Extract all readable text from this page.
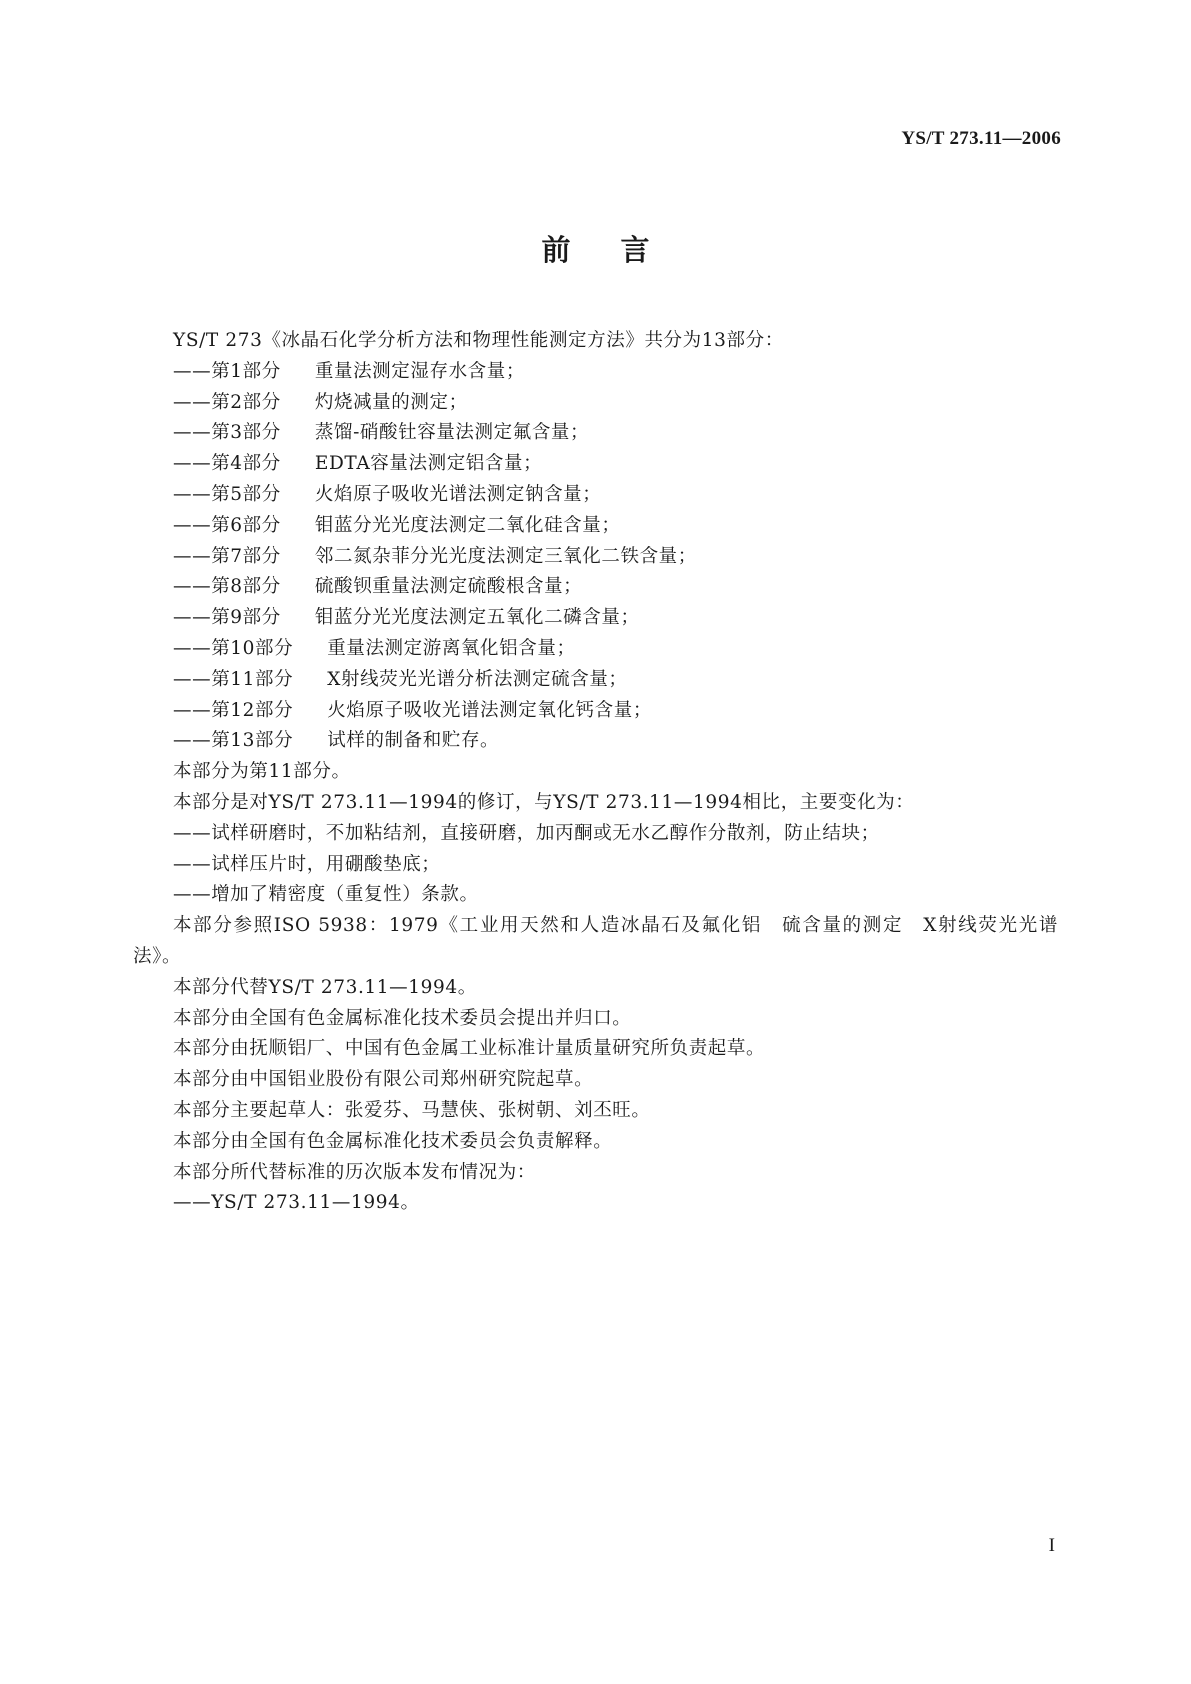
YS/T 273.11—2006
前言

YS/T 273《冰晶石化学分析方法和物理性能测定方法》共分为13部分：

——第1部分 重量法测定湿存水含量；

——第2部分 灼烧减量的测定；

——第3部分 蒸馏-硝酸钍容量法测定氟含量；

——第4部分 EDTA容量法测定铝含量；

——第5部分 火焰原子吸收光谱法测定钠含量；

——第6部分 钼蓝分光光度法测定二氧化硅含量；

——第7部分 邻二氮杂菲分光光度法测定三氧化二铁含量；

——第8部分 硫酸钡重量法测定硫酸根含量；

——第9部分 钼蓝分光光度法测定五氧化二磷含量；

——第10部分 重量法测定游离氧化铝含量；

——第11部分 X射线荧光光谱分析法测定硫含量；

——第12部分 火焰原子吸收光谱法测定氧化钙含量；

——第13部分 试样的制备和贮存。

本部分为第11部分。

本部分是对YS/T 273.11—1994的修订，与YS/T 273.11—1994相比，主要变化为：

——试样研磨时，不加粘结剂，直接研磨，加丙酮或无水乙醇作分散剂，防止结块；

——试样压片时，用硼酸垫底；

——增加了精密度（重复性）条款。

本部分参照ISO 5938：1979《工业用天然和人造冰晶石及氟化铝　硫含量的测定　X射线荧光光谱法》。

本部分代替YS/T 273.11—1994。

本部分由全国有色金属标准化技术委员会提出并归口。

本部分由抚顺铝厂、中国有色金属工业标准计量质量研究所负责起草。

本部分由中国铝业股份有限公司郑州研究院起草。

本部分主要起草人：张爱芬、马慧侠、张树朝、刘丕旺。

本部分由全国有色金属标准化技术委员会负责解释。

本部分所代替标准的历次版本发布情况为：

——YS/T 273.11—1994。

I
